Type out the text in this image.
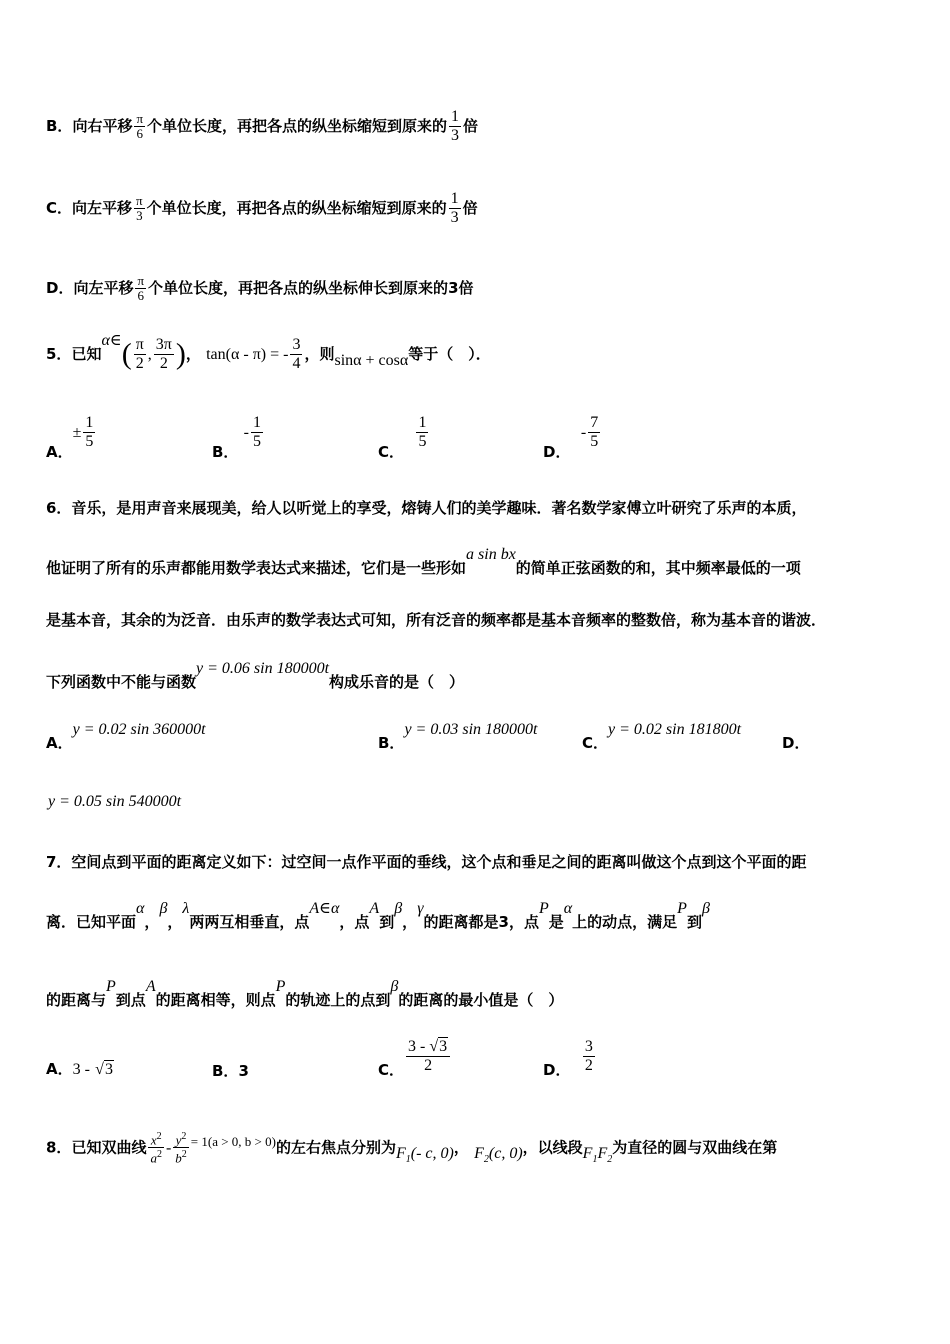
B．向右平移 $\frac{\pi}{6}$ 个单位长度，再把各点的纵坐标缩短到原来的 $\frac{1}{3}$ 倍
C．向左平移 $\frac{\pi}{3}$ 个单位长度，再把各点的纵坐标缩短到原来的 $\frac{1}{3}$ 倍
D．向左平移 $\frac{\pi}{6}$ 个单位长度，再把各点的纵坐标伸长到原来的3倍
5．已知α∈( $\frac{\pi}{2}$ , $\frac{3\pi}{2}$ )， tan(α - π) = - $\frac{3}{4}$ ，则sinα + cosα等于（　）．
A．± $\frac{1}{5}$
B． - $\frac{1}{5}$
C．
$\frac{1}{5}$
D．  - $\frac{7}{5}$
6．音乐，是用声音来展现美，给人以听觉上的享受，熔铸人们的美学趣味．著名数学家傅立叶研究了乐声的本质，
他证明了所有的乐声都能用数学表达式来描述，它们是一些形如a sin bx的简单正弦函数的和，其中频率最低的一项
是基本音，其余的为泛音．由乐声的数学表达式可知，所有泛音的频率都是基本音频率的整数倍，称为基本音的谐波．
下列函数中不能与函数y = 0.06 sin 180000t构成乐音的是（　）
A．y = 0.02 sin 360000t
B．y = 0.03 sin 180000t
C．y = 0.02 sin 181800t
D．
y = 0.05 sin 540000t
7．空间点到平面的距离定义如下：过空间一点作平面的垂线，这个点和垂足之间的距离叫做这个点到这个平面的距
离．已知平面α，β，λ两两互相垂直，点A∈α，点A到β，γ的距离都是3，点P是α上的动点，满足P到β
的距离与P到点A的距离相等，则点P的轨迹上的点到β的距离的最小值是（　）
A．3 - √3	B．3	C． $\frac{3 - √3}{2}$	D． $\frac{3}{2}$
8．已知双曲线 $\frac{x^2}{a^2} - \frac{y^2}{b^2} = 1(a > 0$, b > 0)的左右焦点分别为$F_1(-$ c, 0)， $F_2(c$, 0)，以线段$F_1F_2$为直径的圆与双曲线在第
